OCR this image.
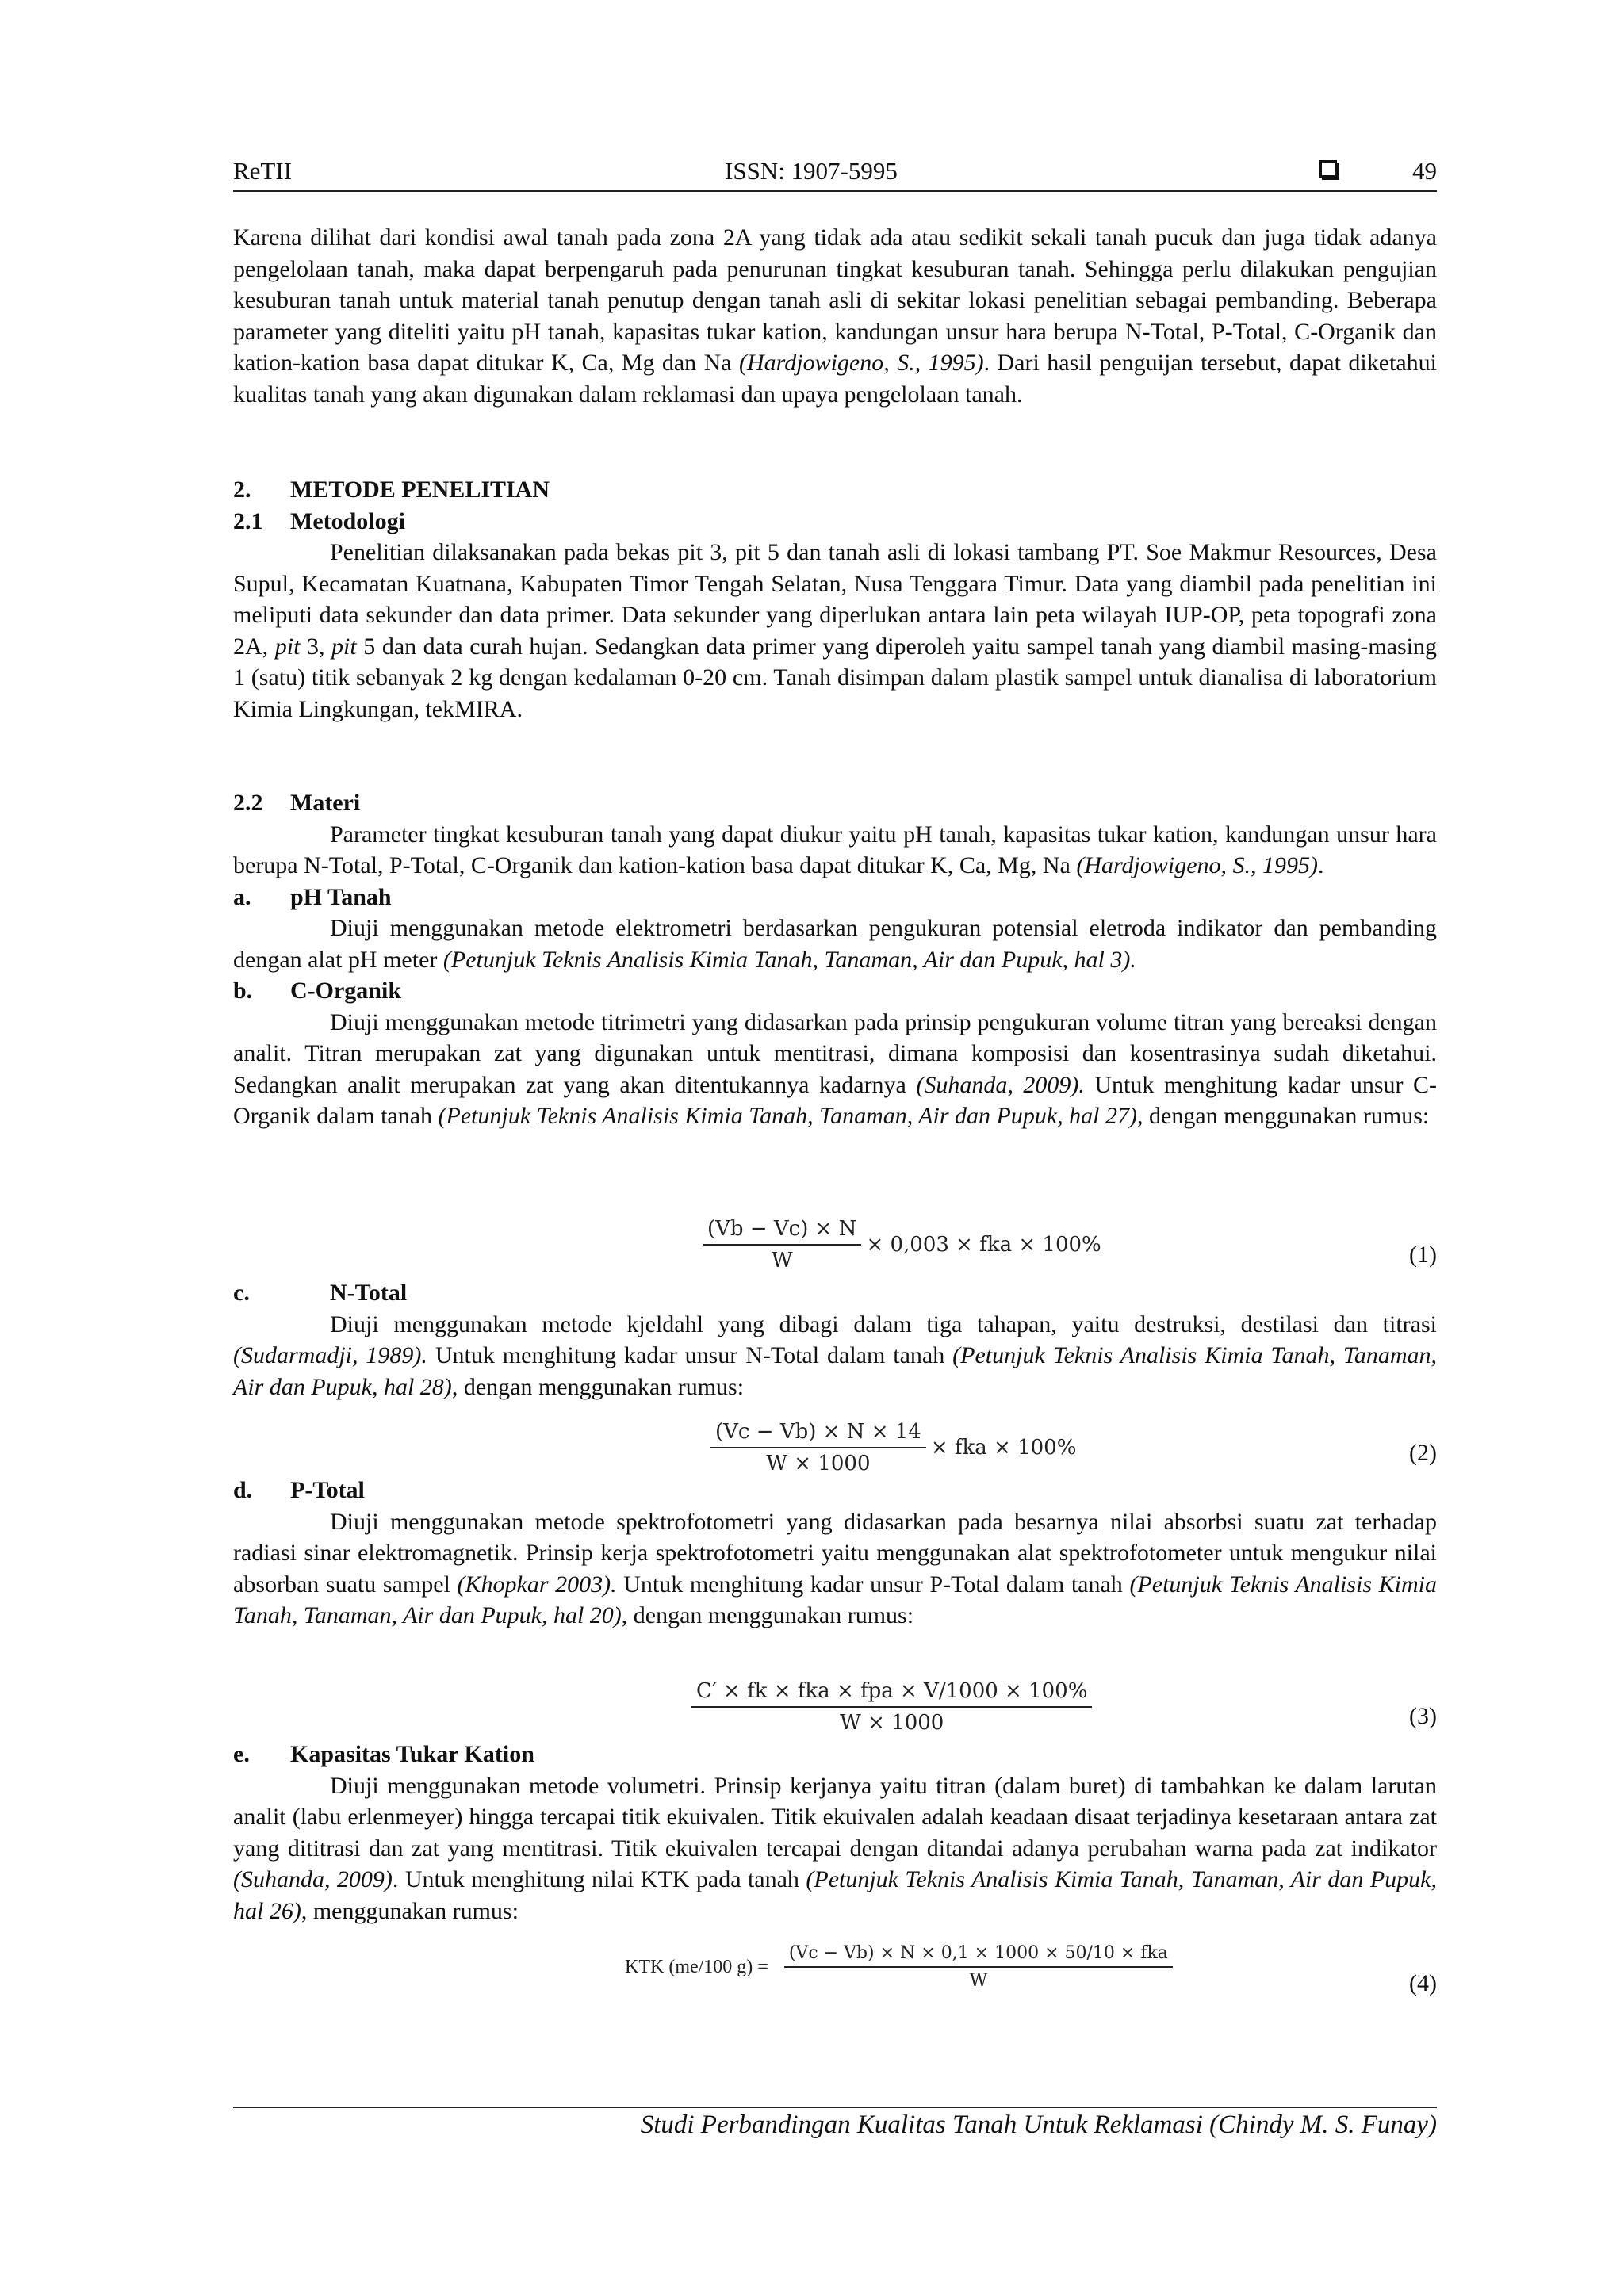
ReTII	ISSN: 1907-5995	49

Karena dilihat dari kondisi awal tanah pada zona 2A yang tidak ada atau sedikit sekali tanah pucuk dan juga tidak adanya pengelolaan tanah, maka dapat berpengaruh pada penurunan tingkat kesuburan tanah. Sehingga perlu dilakukan pengujian kesuburan tanah untuk material tanah penutup dengan tanah asli di sekitar lokasi penelitian sebagai pembanding. Beberapa parameter yang diteliti yaitu pH tanah, kapasitas tukar kation, kandungan unsur hara berupa N-Total, P-Total, C-Organik dan kation-kation basa dapat ditukar K, Ca, Mg dan Na (Hardjowigeno, S., 1995). Dari hasil penguijan tersebut, dapat diketahui kualitas tanah yang akan digunakan dalam reklamasi dan upaya pengelolaan tanah.

2. METODE PENELITIAN
2.1 Metodologi

Penelitian dilaksanakan pada bekas pit 3, pit 5 dan tanah asli di lokasi tambang PT. Soe Makmur Resources, Desa Supul, Kecamatan Kuatnana, Kabupaten Timor Tengah Selatan, Nusa Tenggara Timur. Data yang diambil pada penelitian ini meliputi data sekunder dan data primer. Data sekunder yang diperlukan antara lain peta wilayah IUP-OP, peta topografi zona 2A, pit 3, pit 5 dan data curah hujan. Sedangkan data primer yang diperoleh yaitu sampel tanah yang diambil masing-masing 1 (satu) titik sebanyak 2 kg dengan kedalaman 0-20 cm. Tanah disimpan dalam plastik sampel untuk dianalisa di laboratorium Kimia Lingkungan, tekMIRA.

2.2 Materi

Parameter tingkat kesuburan tanah yang dapat diukur yaitu pH tanah, kapasitas tukar kation, kandungan unsur hara berupa N-Total, P-Total, C-Organik dan kation-kation basa dapat ditukar K, Ca, Mg, Na (Hardjowigeno, S., 1995).

a. pH Tanah

Diuji menggunakan metode elektrometri berdasarkan pengukuran potensial eletroda indikator dan pembanding dengan alat pH meter (Petunjuk Teknis Analisis Kimia Tanah, Tanaman, Air dan Pupuk, hal 3).

b. C-Organik

Diuji menggunakan metode titrimetri yang didasarkan pada prinsip pengukuran volume titran yang bereaksi dengan analit. Titran merupakan zat yang digunakan untuk mentitrasi, dimana komposisi dan kosentrasinya sudah diketahui. Sedangkan analit merupakan zat yang akan ditentukannya kadarnya (Suhanda, 2009). Untuk menghitung kadar unsur C-Organik dalam tanah (Petunjuk Teknis Analisis Kimia Tanah, Tanaman, Air dan Pupuk, hal 27), dengan menggunakan rumus:

$\frac{(Vb - Vc) \times N}{W} \times 0,003$ × fka × 100%	(1)
c.	N-Total

Diuji menggunakan metode kjeldahl yang dibagi dalam tiga tahapan, yaitu destruksi, destilasi dan titrasi (Sudarmadji, 1989). Untuk menghitung kadar unsur N-Total dalam tanah (Petunjuk Teknis Analisis Kimia Tanah, Tanaman, Air dan Pupuk, hal 28), dengan menggunakan rumus:

$\frac{(Vc - Vb) \times N \times 14}{W \times 1000}$ × fka × 100%	(2)
d. P-Total

Diuji menggunakan metode spektrofotometri yang didasarkan pada besarnya nilai absorbsi suatu zat terhadap radiasi sinar elektromagnetik. Prinsip kerja spektrofotometri yaitu menggunakan alat spektrofotometer untuk mengukur nilai absorban suatu sampel (Khopkar 2003). Untuk menghitung kadar unsur P-Total dalam tanah (Petunjuk Teknis Analisis Kimia Tanah, Tanaman, Air dan Pupuk, hal 20), dengan menggunakan rumus:

$\frac{\text{C′ × fk × fka × fpa × V/1000 × 100\%}}{W \times 1000}$	(3)
e. Kapasitas Tukar Kation

Diuji menggunakan metode volumetri. Prinsip kerjanya yaitu titran (dalam buret) di tambahkan ke dalam larutan analit (labu erlenmeyer) hingga tercapai titik ekuivalen. Titik ekuivalen adalah keadaan disaat terjadinya kesetaraan antara zat yang dititrasi dan zat yang mentitrasi. Titik ekuivalen tercapai dengan ditandai adanya perubahan warna pada zat indikator (Suhanda, 2009). Untuk menghitung nilai KTK pada tanah (Petunjuk Teknis Analisis Kimia Tanah, Tanaman, Air dan Pupuk, hal 26), menggunakan rumus:

KTK (me/100 $g) = \frac{\text{(Vc − Vb) × N × 0,1 × 1000 × 50/10 × fka}}{W}$	(4)
Studi Perbandingan Kualitas Tanah Untuk Reklamasi (Chindy M. S. Funay)
